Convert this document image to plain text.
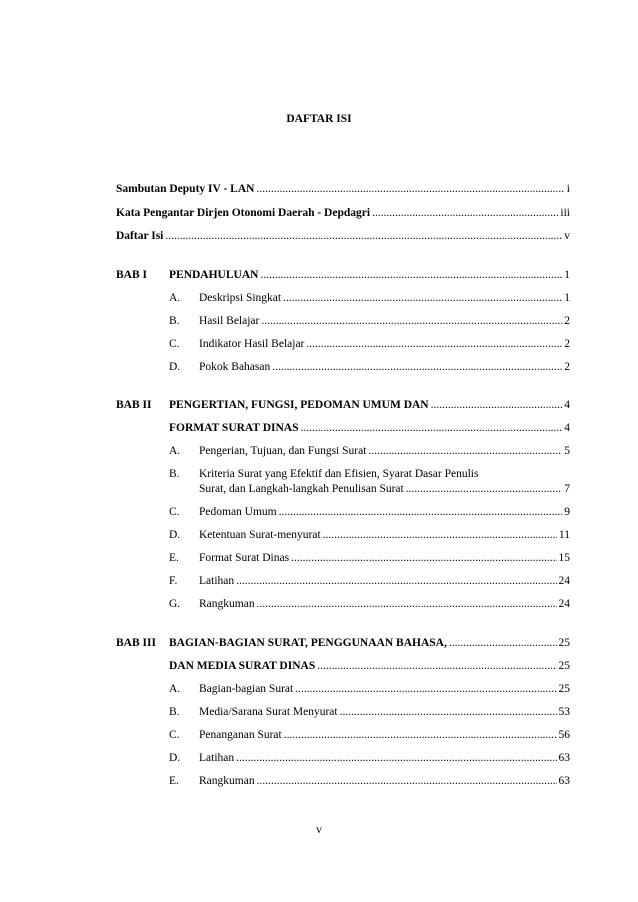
DAFTAR ISI
Sambutan Deputy IV - LAN .....	i
Kata Pengantar Dirjen Otonomi Daerah - Depdagri .....	iii
Daftar Isi .....	v
BAB I	PENDAHULUAN .....	1
A.	Deskripsi Singkat .....	1
B.	Hasil Belajar .....	2
C.	Indikator Hasil Belajar .....	2
D.	Pokok Bahasan .....	2
BAB II	PENGERTIAN, FUNGSI, PEDOMAN UMUM DAN .....	4
FORMAT SURAT DINAS .....	4
A.	Pengerian, Tujuan, dan Fungsi Surat .....	5
B.	Kriteria Surat yang Efektif dan Efisien, Syarat Dasar Penulis
Surat, dan Langkah-langkah Penulisan Surat .....	7
C.	Pedoman Umum .....	9
D.	Ketentuan Surat-menyurat .....	11
E.	Format Surat Dinas .....	15
F.	Latihan .....	24
G.	Rangkuman .....	24
BAB III	BAGIAN-BAGIAN SURAT, PENGGUNAAN BAHASA, .....	25
DAN MEDIA SURAT DINAS .....	25
A.	Bagian-bagian Surat .....	25
B.	Media/Sarana Surat Menyurat .....	53
C.	Penanganan Surat .....	56
D.	Latihan .....	63
E.	Rangkuman .....	63
v
